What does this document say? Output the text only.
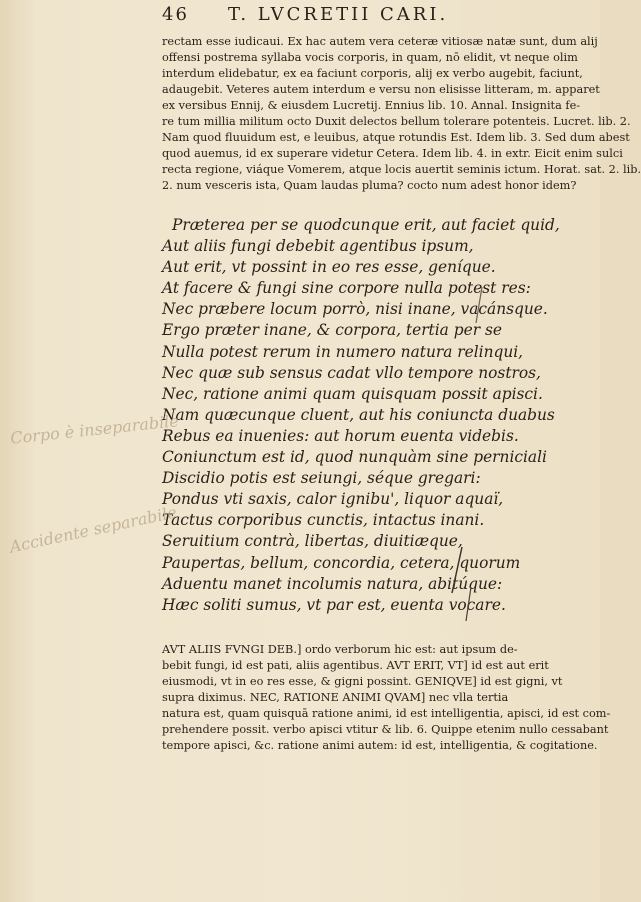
46 T. LVCRETII CARI.

rectam esse iudicaui. Ex hac autem vera ceteræ vitiosæ natæ sunt, dum alij

offensi postrema syllaba vocis corporis, in quam, nō elidit, vt neque olim

interdum elidebatur, ex ea faciunt corporis, alij ex verbo augebit, faciunt,

adaugebit. Veteres autem interdum e versu non elisisse litteram, m. apparet

ex versibus Ennij, & eiusdem Lucretij. Ennius lib. 10. Annal. Insignita fe-

re tum millia militum octo Duxit delectos bellum tolerare potenteis. Lucret. lib. 2.

Nam quod fluuidum est, e leuibus, atque rotundis Est. Idem lib. 3. Sed dum abest

quod auemus, id ex superare videtur Cetera. Idem lib. 4. in extr. Eicit enim sulci

recta regione, viáque Vomerem, atque locis auertit seminis ictum. Horat. sat. 2. lib.

2. num vesceris ista, Quam laudas pluma? cocto num adest honor idem?

Præterea per se quodcunque erit, aut faciet quid,

Aut aliis fungi debebit agentibus ipsum,

Aut erit, vt possint in eo res esse, geníque.

At facere & fungi sine corpore nulla potest res:

Nec præbere locum porrò, nisi inane, vacánsque.

Ergo præter inane, & corpora, tertia per se

Nulla potest rerum in numero natura relinqui,

Nec quæ sub sensus cadat vllo tempore nostros,

Nec, ratione animi quam quisquam possit apisci.

Nam quæcunque cluent, aut his coniuncta duabus

Rebus ea inuenies: aut horum euenta videbis.

Coniunctum est id, quod nunquàm sine perniciali

Discidio potis est seiungi, séque gregari:

Pondus vti saxis, calor ignibu', liquor aquaï,

Tactus corporibus cunctis, intactus inani.

Seruitium contrà, libertas, diuitiæque,

Paupertas, bellum, concordia, cetera, quorum

Aduentu manet incolumis natura, abitúque:

Hæc soliti sumus, vt par est, euenta vocare.

AVT ALIIS FVNGI DEB.] ordo verborum hic est: aut ipsum de-

bebit fungi, id est pati, aliis agentibus. AVT ERIT, VT] id est aut erit

eiusmodi, vt in eo res esse, & gigni possint. GENIQVE] id est gigni, vt

supra diximus. NEC, RATIONE ANIMI QVAM] nec vlla tertia

natura est, quam quisquā ratione animi, id est intelligentia, apisci, id est com-

prehendere possit. verbo apisci vtitur & lib. 6. Quippe etenim nullo cessabant

tempore apisci, &c. ratione animi autem: id est, intelligentia, & cogitatione.

Corpo è inseparabile
Accidente separabile
